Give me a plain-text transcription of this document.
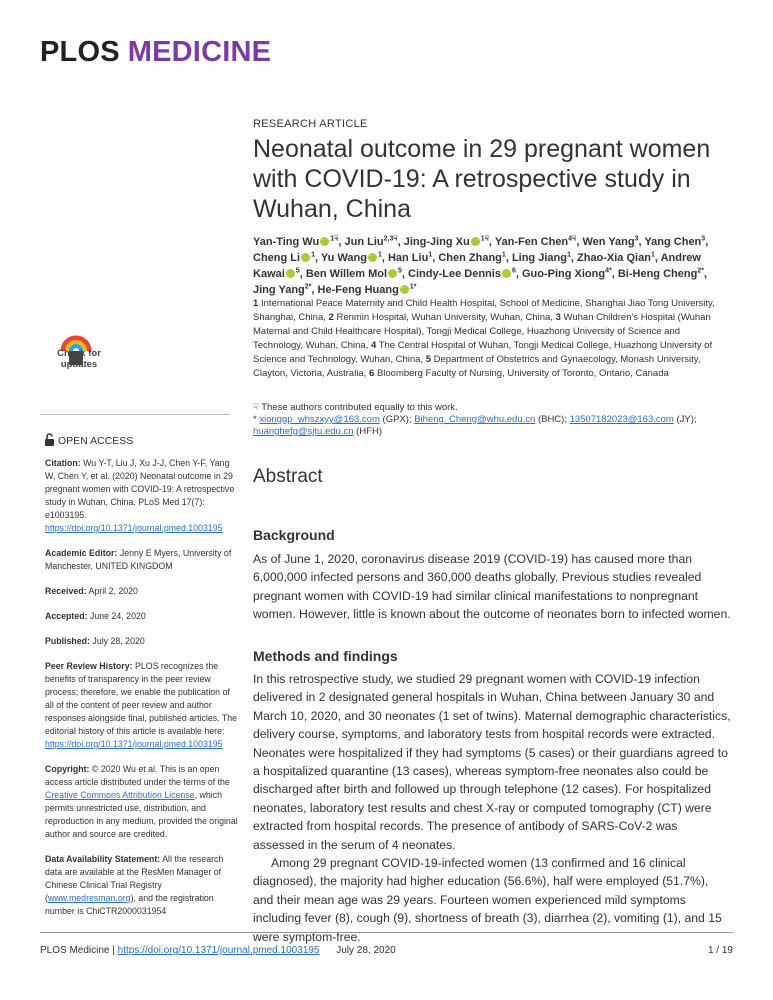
PLOS MEDICINE
RESEARCH ARTICLE
Neonatal outcome in 29 pregnant women with COVID-19: A retrospective study in Wuhan, China
Yan-Ting Wu $^{1☟}$, Jun Liu$^{2,3☟}$, Jing-Jing Xu $^{1☟}$, Yan-Fen Chen$^{4☟}$, Wen Yang$^3$, Yang Chen$^3$, Cheng Li $^1$, Yu Wang $^1$, Han Liu$^1$, Chen Zhang$^1$, Ling Jiang$^1$, Zhao-Xia Qian$^1$, Andrew Kawai $^5$, Ben Willem Mol $^5$, Cindy-Lee Dennis $^6$, Guo-Ping Xiong$^{4*}$, Bi-Heng Cheng$^{2*}$, Jing Yang$^{2*}$, He-Feng Huang $^{1*}$
1 International Peace Maternity and Child Health Hospital, School of Medicine, Shanghai Jiao Tong University, Shanghai, China, 2 Renmin Hospital, Wuhan University, Wuhan, China, 3 Wuhan Children's Hospital (Wuhan Maternal and Child Healthcare Hospital), Tongji Medical College, Huazhong University of Science and Technology, Wuhan, China, 4 The Central Hospital of Wuhan, Tongji Medical College, Huazhong University of Science and Technology, Wuhan, China, 5 Department of Obstetrics and Gynaecology, Monash University, Clayton, Victoria, Australia, 6 Bloomberg Faculty of Nursing, University of Toronto, Ontario, Canada
☟ These authors contributed equally to this work.
* xionggp_whszxyy@163.com (GPX); Biheng_Cheng@whu.edu.cn (BHC); 13507182023@163.com (JY);
huanghefg@sjtu.edu.cn (HFH)
Check for
updates
OPEN ACCESS

Citation: Wu Y-T, Liu J, Xu J-J, Chen Y-F, Yang W, Chen Y, et al. (2020) Neonatal outcome in 29 pregnant women with COVID-19: A retrospective study in Wuhan, China. PLoS Med 17(7): e1003195. https://doi.org/10.1371/journal.pmed.1003195

Academic Editor: Jenny E Myers, University of Manchester, UNITED KINGDOM

Received: April 2, 2020

Accepted: June 24, 2020

Published: July 28, 2020

Peer Review History: PLOS recognizes the benefits of transparency in the peer review process; therefore, we enable the publication of all of the content of peer review and author responses alongside final, published articles. The editorial history of this article is available here: https://doi.org/10.1371/journal.pmed.1003195

Copyright: © 2020 Wu et al. This is an open access article distributed under the terms of the Creative Commons Attribution License, which permits unrestricted use, distribution, and reproduction in any medium, provided the original author and source are credited.

Data Availability Statement: All the research data are available at the ResMen Manager of Chinese Clinical Trial Registry (www.medresman.org), and the registration number is ChiCTR2000031954

Abstract
Background

As of June 1, 2020, coronavirus disease 2019 (COVID-19) has caused more than 6,000,000 infected persons and 360,000 deaths globally. Previous studies revealed pregnant women with COVID-19 had similar clinical manifestations to nonpregnant women. However, little is known about the outcome of neonates born to infected women.

Methods and findings

In this retrospective study, we studied 29 pregnant women with COVID-19 infection delivered in 2 designated general hospitals in Wuhan, China between January 30 and March 10, 2020, and 30 neonates (1 set of twins). Maternal demographic characteristics, delivery course, symptoms, and laboratory tests from hospital records were extracted. Neonates were hospitalized if they had symptoms (5 cases) or their guardians agreed to a hospitalized quarantine (13 cases), whereas symptom-free neonates also could be discharged after birth and followed up through telephone (12 cases). For hospitalized neonates, laboratory test results and chest X-ray or computed tomography (CT) were extracted from hospital records. The presence of antibody of SARS-CoV-2 was assessed in the serum of 4 neonates.

Among 29 pregnant COVID-19-infected women (13 confirmed and 16 clinical diagnosed), the majority had higher education (56.6%), half were employed (51.7%), and their mean age was 29 years. Fourteen women experienced mild symptoms including fever (8), cough (9), shortness of breath (3), diarrhea (2), vomiting (1), and 15 were symptom-free.

PLOS Medicine | https://doi.org/10.1371/journal.pmed.1003195 July 28, 2020	1 / 19
